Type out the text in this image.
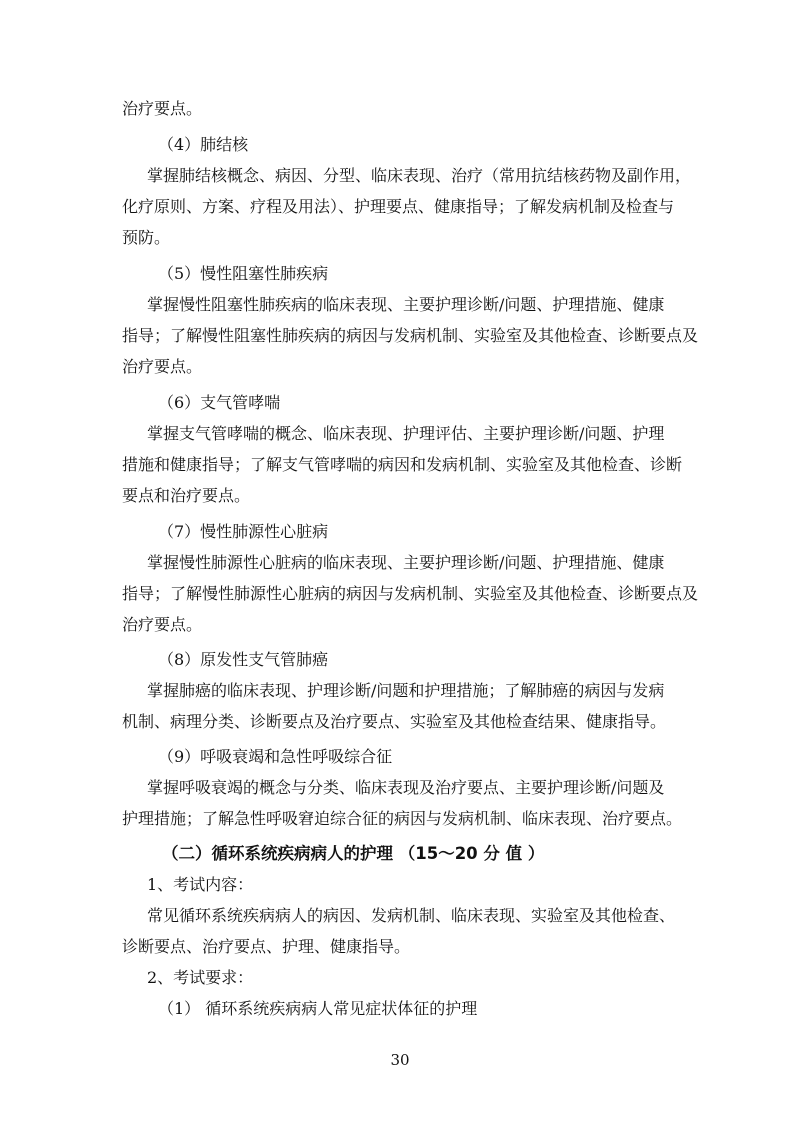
治疗要点。
（4）肺结核
掌握肺结核概念、病因、分型、临床表现、治疗（常用抗结核药物及副作用，
化疗原则、方案、疗程及用法）、护理要点、健康指导；了解发病机制及检查与
预防。
（5）慢性阻塞性肺疾病
掌握慢性阻塞性肺疾病的临床表现、主要护理诊断/问题、护理措施、健康
指导；了解慢性阻塞性肺疾病的病因与发病机制、实验室及其他检查、诊断要点及
治疗要点。
（6）支气管哮喘
掌握支气管哮喘的概念、临床表现、护理评估、主要护理诊断/问题、护理
措施和健康指导；了解支气管哮喘的病因和发病机制、实验室及其他检查、诊断
要点和治疗要点。
（7）慢性肺源性心脏病
掌握慢性肺源性心脏病的临床表现、主要护理诊断/问题、护理措施、健康
指导；了解慢性肺源性心脏病的病因与发病机制、实验室及其他检查、诊断要点及
治疗要点。
（8）原发性支气管肺癌
掌握肺癌的临床表现、护理诊断/问题和护理措施；了解肺癌的病因与发病
机制、病理分类、诊断要点及治疗要点、实验室及其他检查结果、健康指导。
（9）呼吸衰竭和急性呼吸综合征
掌握呼吸衰竭的概念与分类、临床表现及治疗要点、主要护理诊断/问题及
护理措施；了解急性呼吸窘迫综合征的病因与发病机制、临床表现、治疗要点。
（二）循环系统疾病病人的护理 （15～20 分 值 ）
1、考试内容：
常见循环系统疾病病人的病因、发病机制、临床表现、实验室及其他检查、
诊断要点、治疗要点、护理、健康指导。
2、考试要求：
（1） 循环系统疾病病人常见症状体征的护理
30
